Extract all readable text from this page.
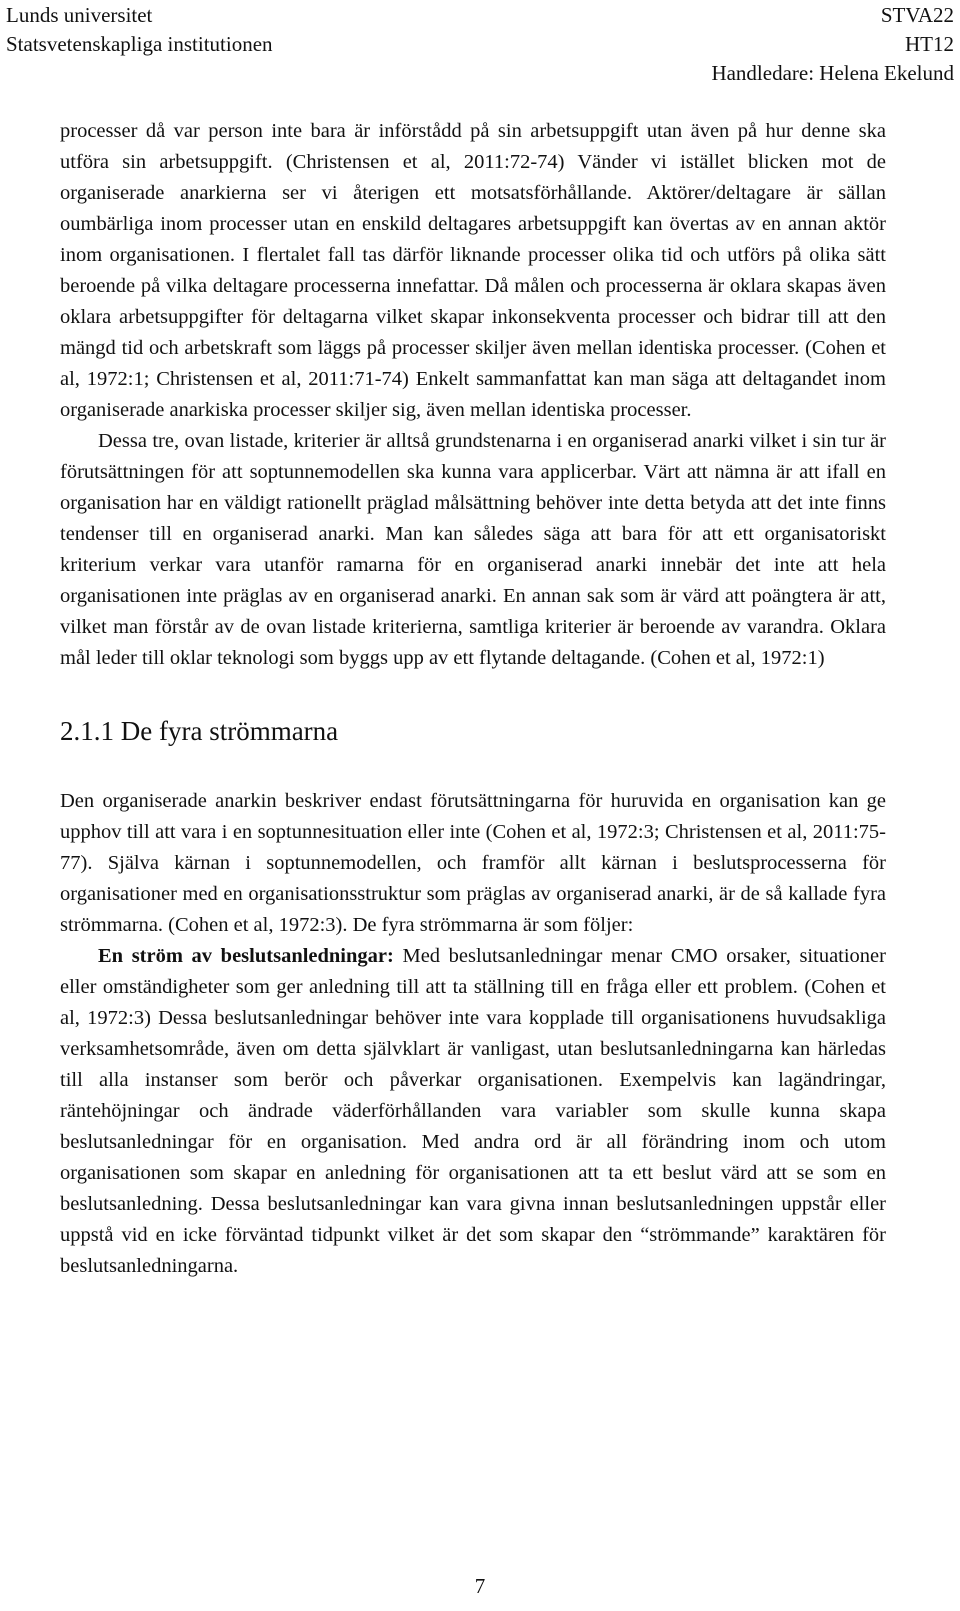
Lunds universitet
Statsvetenskapliga institutionen
STVA22
HT12
Handledare: Helena Ekelund

processer då var person inte bara är införstådd på sin arbetsuppgift utan även på hur denne ska utföra sin arbetsuppgift. (Christensen et al, 2011:72-74) Vänder vi istället blicken mot de organiserade anarkierna ser vi återigen ett motsatsförhållande. Aktörer/deltagare är sällan oumbärliga inom processer utan en enskild deltagares arbetsuppgift kan övertas av en annan aktör inom organisationen. I flertalet fall tas därför liknande processer olika tid och utförs på olika sätt beroende på vilka deltagare processerna innefattar. Då målen och processerna är oklara skapas även oklara arbetsuppgifter för deltagarna vilket skapar inkonsekventa processer och bidrar till att den mängd tid och arbetskraft som läggs på processer skiljer även mellan identiska processer. (Cohen et al, 1972:1; Christensen et al, 2011:71-74) Enkelt sammanfattat kan man säga att deltagandet inom organiserade anarkiska processer skiljer sig, även mellan identiska processer.

Dessa tre, ovan listade, kriterier är alltså grundstenarna i en organiserad anarki vilket i sin tur är förutsättningen för att soptunnemodellen ska kunna vara applicerbar. Värt att nämna är att ifall en organisation har en väldigt rationellt präglad målsättning behöver inte detta betyda att det inte finns tendenser till en organiserad anarki. Man kan således säga att bara för att ett organisatoriskt kriterium verkar vara utanför ramarna för en organiserad anarki innebär det inte att hela organisationen inte präglas av en organiserad anarki. En annan sak som är värd att poängtera är att, vilket man förstår av de ovan listade kriterierna, samtliga kriterier är beroende av varandra. Oklara mål leder till oklar teknologi som byggs upp av ett flytande deltagande. (Cohen et al, 1972:1)

2.1.1 De fyra strömmarna

Den organiserade anarkin beskriver endast förutsättningarna för huruvida en organisation kan ge upphov till att vara i en soptunnesituation eller inte (Cohen et al, 1972:3; Christensen et al, 2011:75-77). Själva kärnan i soptunnemodellen, och framför allt kärnan i beslutsprocesserna för organisationer med en organisationsstruktur som präglas av organiserad anarki, är de så kallade fyra strömmarna. (Cohen et al, 1972:3). De fyra strömmarna är som följer:

En ström av beslutsanledningar: Med beslutsanledningar menar CMO orsaker, situationer eller omständigheter som ger anledning till att ta ställning till en fråga eller ett problem. (Cohen et al, 1972:3) Dessa beslutsanledningar behöver inte vara kopplade till organisationens huvudsakliga verksamhetsområde, även om detta självklart är vanligast, utan beslutsanledningarna kan härledas till alla instanser som berör och påverkar organisationen. Exempelvis kan lagändringar, räntehöjningar och ändrade väderförhållanden vara variabler som skulle kunna skapa beslutsanledningar för en organisation. Med andra ord är all förändring inom och utom organisationen som skapar en anledning för organisationen att ta ett beslut värd att se som en beslutsanledning. Dessa beslutsanledningar kan vara givna innan beslutsanledningen uppstår eller uppstå vid en icke förväntad tidpunkt vilket är det som skapar den “strömmande” karaktären för beslutsanledningarna.

7
